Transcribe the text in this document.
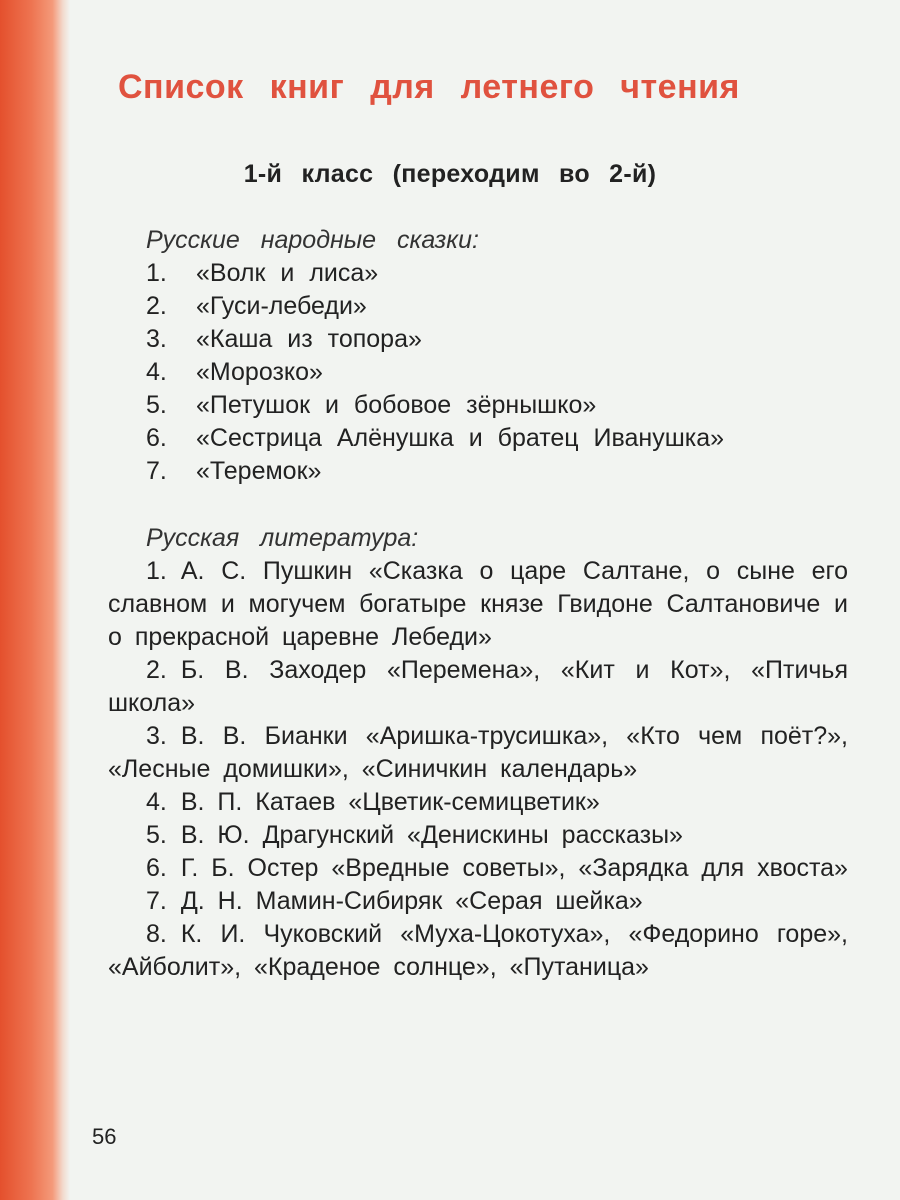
Список книг для летнего чтения
1-й класс (переходим во 2-й)
Русские народные сказки:
1. «Волк и лиса»
2. «Гуси-лебеди»
3. «Каша из топора»
4. «Морозко»
5. «Петушок и бобовое зёрнышко»
6. «Сестрица Алёнушка и братец Иванушка»
7. «Теремок»
Русская литература:
1. А. С. Пушкин «Сказка о царе Салтане, о сыне его славном и могучем богатыре князе Гвидоне Салтановиче и о прекрасной царевне Лебеди»
2. Б. В. Заходер «Перемена», «Кит и Кот», «Птичья школа»
3. В. В. Бианки «Аришка-трусишка», «Кто чем поёт?», «Лесные домишки», «Синичкин календарь»
4. В. П. Катаев «Цветик-семицветик»
5. В. Ю. Драгунский «Денискины рассказы»
6. Г. Б. Остер «Вредные советы», «Зарядка для хвоста»
7. Д. Н. Мамин-Сибиряк «Серая шейка»
8. К. И. Чуковский «Муха-Цокотуха», «Федорино горе», «Айболит», «Краденое солнце», «Путаница»
56
